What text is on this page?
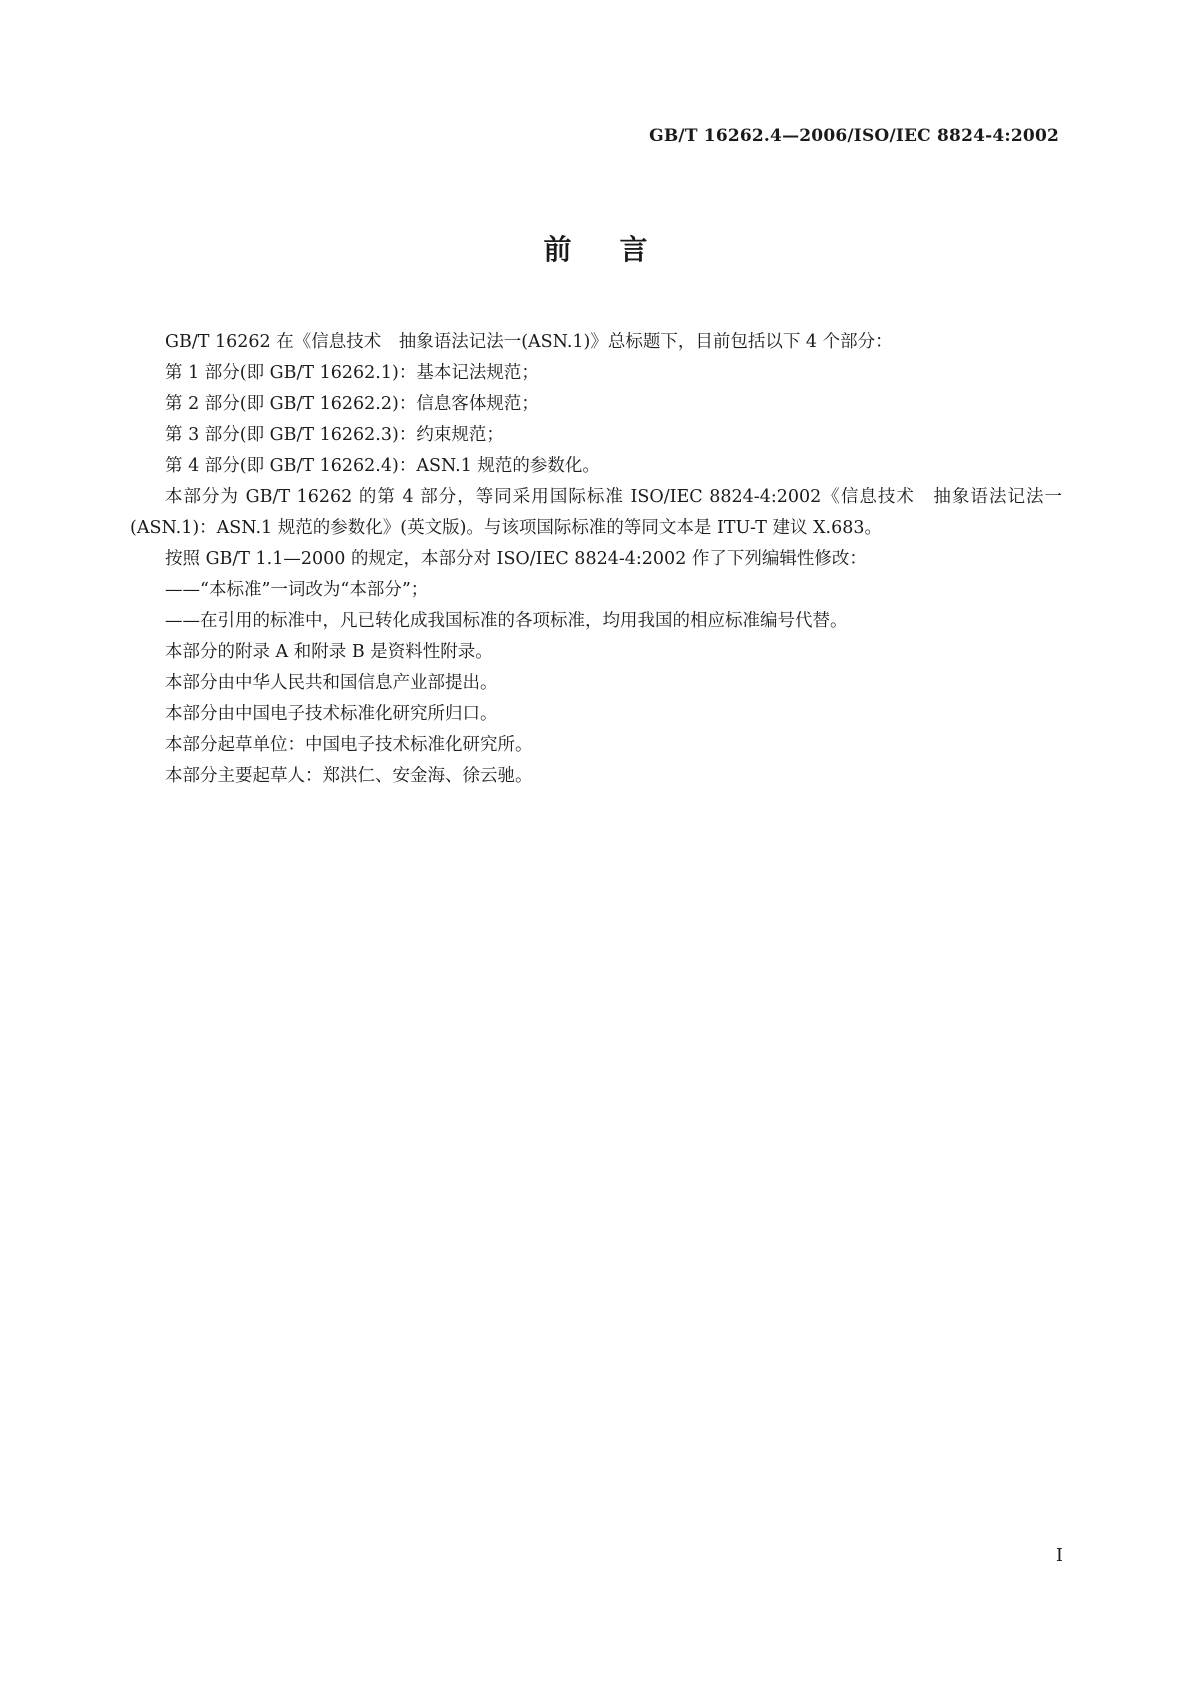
GB/T 16262.4—2006/ISO/IEC 8824-4:2002
前言

GB/T 16262 在《信息技术　抽象语法记法一(ASN.1)》总标题下，目前包括以下 4 个部分：

第 1 部分(即 GB/T 16262.1)：基本记法规范；

第 2 部分(即 GB/T 16262.2)：信息客体规范；

第 3 部分(即 GB/T 16262.3)：约束规范；

第 4 部分(即 GB/T 16262.4)：ASN.1 规范的参数化。

本部分为 GB/T 16262 的第 4 部分，等同采用国际标准 ISO/IEC 8824-4:2002《信息技术　抽象语法记法一(ASN.1)：ASN.1 规范的参数化》(英文版)。与该项国际标准的等同文本是 ITU-T 建议 X.683。

按照 GB/T 1.1—2000 的规定，本部分对 ISO/IEC 8824-4:2002 作了下列编辑性修改：

——“本标准”一词改为“本部分”；

——在引用的标准中，凡已转化成我国标准的各项标准，均用我国的相应标准编号代替。

本部分的附录 A 和附录 B 是资料性附录。

本部分由中华人民共和国信息产业部提出。

本部分由中国电子技术标准化研究所归口。

本部分起草单位：中国电子技术标准化研究所。

本部分主要起草人：郑洪仁、安金海、徐云驰。

I
